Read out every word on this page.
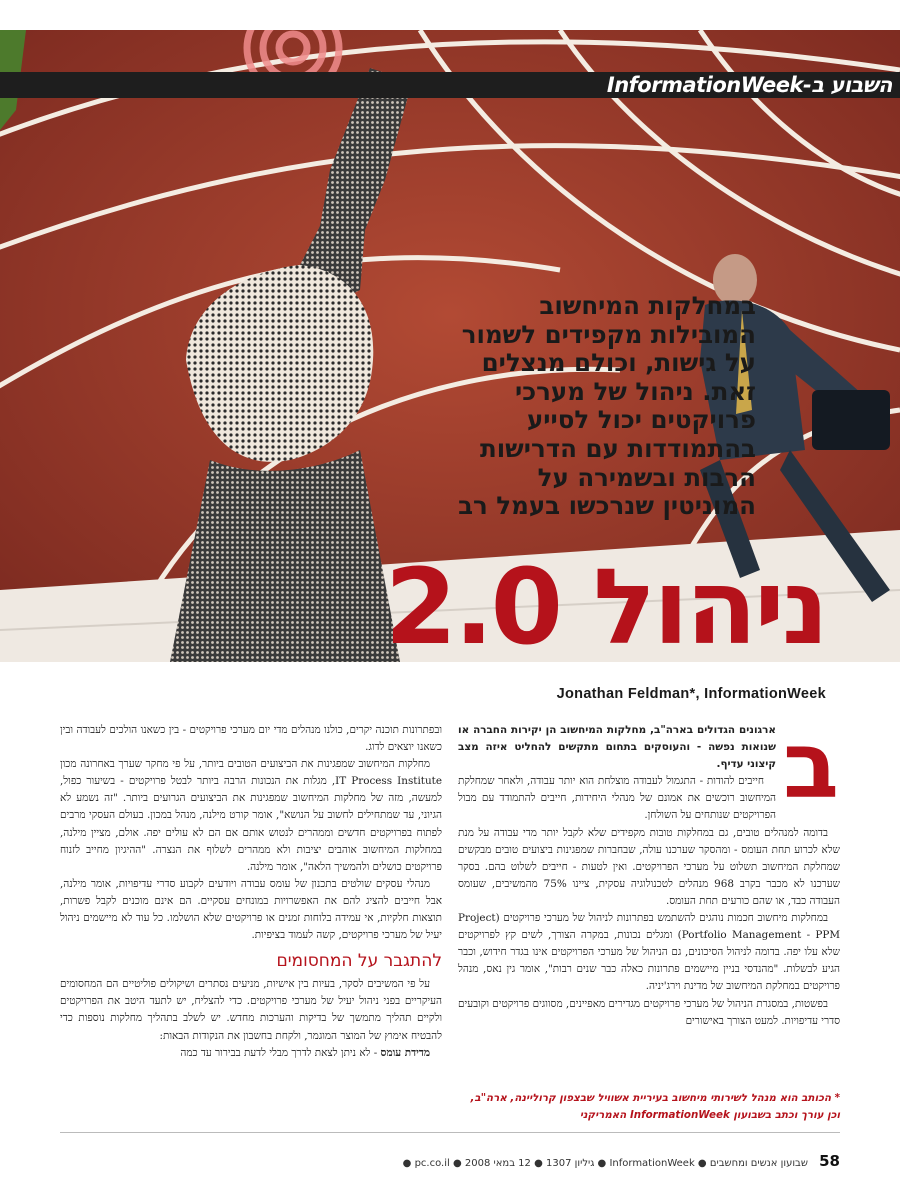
השבוע ב-InformationWeek

במחלקות המיחשוב המובילות מקפידים לשמור על גישות, וכולם מנצלים זאת. ניהול של מערכי פרויקטים יכול לסייע בהתמודדות עם הדרישות הרבות ובשמירה על המוניטין שנרכשו בעמל רב

ניהול 2.0
Jonathan Feldman*, InformationWeek
ב

ארגונים הגדולים בארה"ב, מחלקות המיחשוב הן יקירות החברה או שנואות נפשה - והעוסקים בתחום מתקשים להחליט איזה מצב קיצוני עדיף.

חייבים להודות - התגמול לעבודה מוצלחת הוא יותר עבודה, ולאחר שמחלקת המיחשוב רוכשים את אמונם של מנהלי היחידות, חייבים להתמודד עם מבול הפרויקטים שנותחים על השולחן.

בדומה למנהלים טובים, גם במחלקות טובות מקפידים שלא לקבל יותר מדי עבודה על מנת שלא לכרוע תחת העומס - ומהסקר שערכנו עולה, שבחברות שמפגינות ביצועים טובים מבקשים שמחלקת המיחשוב תשלוט על מערכי הפרויקטים. ואין לטעות - חייבים לשלוט בהם. בסקר שערכנו לא מכבר בקרב 968 מנהלים לטכנולוגיה עסקית, ציינו 75% מהמשיבים, שעומס העבודה כבד, או שהם כורעים תחת העומס.

במחלקות מיחשוב חכמות נוהגים להשתמש בפתרונות לניהול של מערכי פרויקטים (Project Portfolio Management - PPM) ומגלים נכונות, במקרה הצורך, לשים קץ לפרויקטים שלא עלו יפה. בדומה לניהול הסיכונים, גם הניהול של מערכי הפרויקטים אינו בגדר חידוש, וכבר הגיע לבשלות. "מהנדסי בניין מיישמים פתרונות כאלה כבר שנים רבות", אומר גין נאס, מנהל פרויקטים במחלקת המיחשוב של מדינת וירג'יניה.

בפשטות, במסגרת הניהול של מערכי פרויקטים מגדירים מאפיינים, מסווגים פרויקטים וקובעים סדרי עדיפויות. למעט הצורך באישורים

* הכותב הוא מנהל לשירותי מיחשוב בעיריית אשוויל שבצפון קרוליינה, ארה"ב, וכן עורך וכתב בשבועון InformationWeek האמריקני

ובפתרונות תוכנה יקרים, כולנו מנהלים מדי יום מערכי פרויקטים - בין כשאנו הולכים לעבודה ובין כשאנו יוצאים לדוג.

מחלקות המיחשוב שמפגינות את הביצועים הטובים ביותר, על פי מחקר שערך באחרונה מכון IT Process Institute, מגלות את הנכונות הרבה ביותר לבטל פרויקטים - בשיעור כפול, למעשה, מזה של מחלקות המיחשוב שמפגינות את הביצועים הגרועים ביותר. "זה נשמע לא הגיוני, עד שמתחילים לחשוב על הנושא", אומר קורט מילנה, מנהל במכון. בעולם העסקי מרבים לפתוח בפרויקטים חדשים וממהרים לנטוש אותם אם הם לא עולים יפה. אולם, מציין מילנה, במחלקות המיחשוב אוהבים יציבות ולא ממהרים לשלוף את הנצרה. "ההיגיון מחייב לזנוח פרויקטים כושלים ולהמשיך הלאה", אומר מילנה.

מנהלי עסקים שולטים בתכנון של עומס עבודה ויודעים לקבוע סדרי עדיפויות, אומר מילנה, אבל חייבים להציג להם את האפשרויות במונחים עסקיים. הם אינם מוכנים לקבל פשרות, תוצאות חלקיות, אי עמידה בלוחות זמנים או פרויקטים שלא הושלמו. כל עוד לא מיישמים ניהול יעיל של מערכי פרויקטים, קשה לעמוד בציפיות.

להתגבר על המחסומים

על פי המשיבים לסקר, בעיות בין אישיות, מניעים נסתרים ושיקולים פוליטיים הם המחסומים העיקריים בפני ניהול יעיל של מערכי פרויקטים. כדי להצליח, יש לתעד היטב את הפרויקטים ולקיים תהליך מתמשך של בדיקות והערכות מחדש. יש לשלב בתהליך מחלקות נוספות כדי להבטיח אימוץ של המוצר המוגמר, ולקחת בחשבון את הנקודות הבאות:

מדידת עומס - לא ניתן לצאת לדרך מבלי לדעת בבירור עד כמה

58 שבועון אנשים ומחשבים ● InformationWeek ● גיליון 1307 ● 12 במאי 2008 ● pc.co.il ●
